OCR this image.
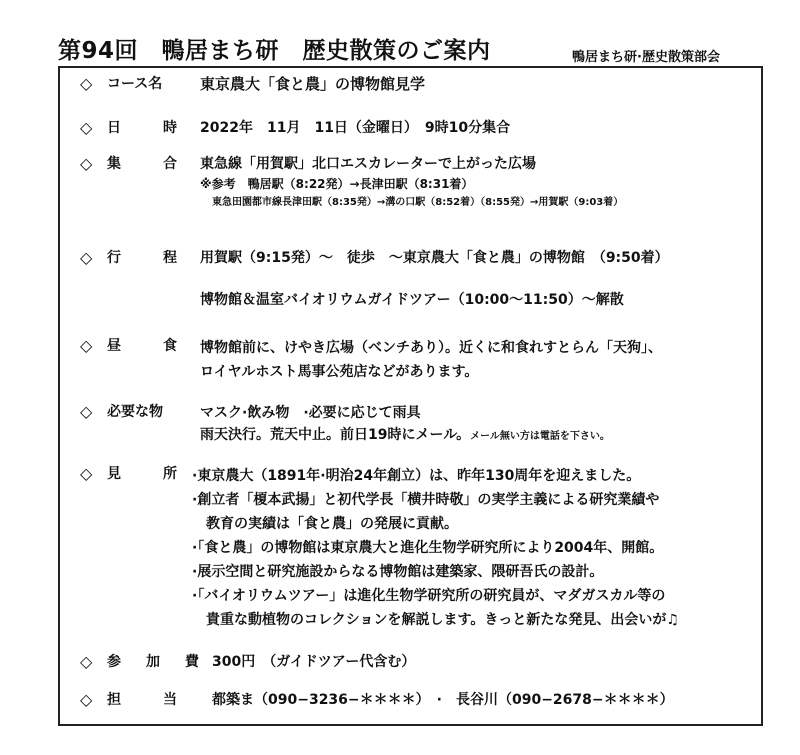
第94回　鴨居まち研　歴史散策のご案内	鴨居まち研·歴史散策部会
◇ コース名	東京農大「食と農」の博物館見学
◇ 日	時 2022年　11月　11日（金曜日）　9時10分集合
◇ 集	合 東急線「用賀駅」北口エスカレーターで上がった広場
※参考　鴨居駅（8:22発）→長津田駅（8:31着）
東急田園都市線長津田駅（8:35発）→溝の口駅（8:52着）（8:55発）→用賀駅（9:03着）
◇ 行	程 用賀駅（9:15発）〜　徒歩　〜東京農大「食と農」の博物館　（9:50着）
博物館＆温室バイオリウムガイドツアー（10:00〜11:50）〜解散
◇ 昼	食 博物館前に、けやき広場（ベンチあり）。近くに和食れすとらん「天狗」、
ロイヤルホスト馬事公苑店などがあります。
◇ 必要な物	マスク·飲み物　·必要に応じて雨具
雨天決行。荒天中止。前日19時にメール。メール無い方は電話を下さい。
◇ 見	所 ·東京農大（1891年·明治24年創立）は、昨年130周年を迎えました。
·創立者「榎本武揚」と初代学長「横井時敬」の実学主義による研究業績や
教育の実績は「食と農」の発展に貢献。
·「食と農」の博物館は東京農大と進化生物学研究所により2004年、開館。
·展示空間と研究施設からなる博物館は建築家、隈研吾氏の設計。
·「バイオリウムツアー」は進化生物学研究所の研究員が、マダガスカル等の
貴重な動植物のコレクションを解説します。きっと新たな発見、出会いが♫
◇ 参 加 費 300円　（ガイドツアー代含む）
◇ 担	当	都築ま（090−3236−＊＊＊＊）　·　長谷川（090−2678−＊＊＊＊）
